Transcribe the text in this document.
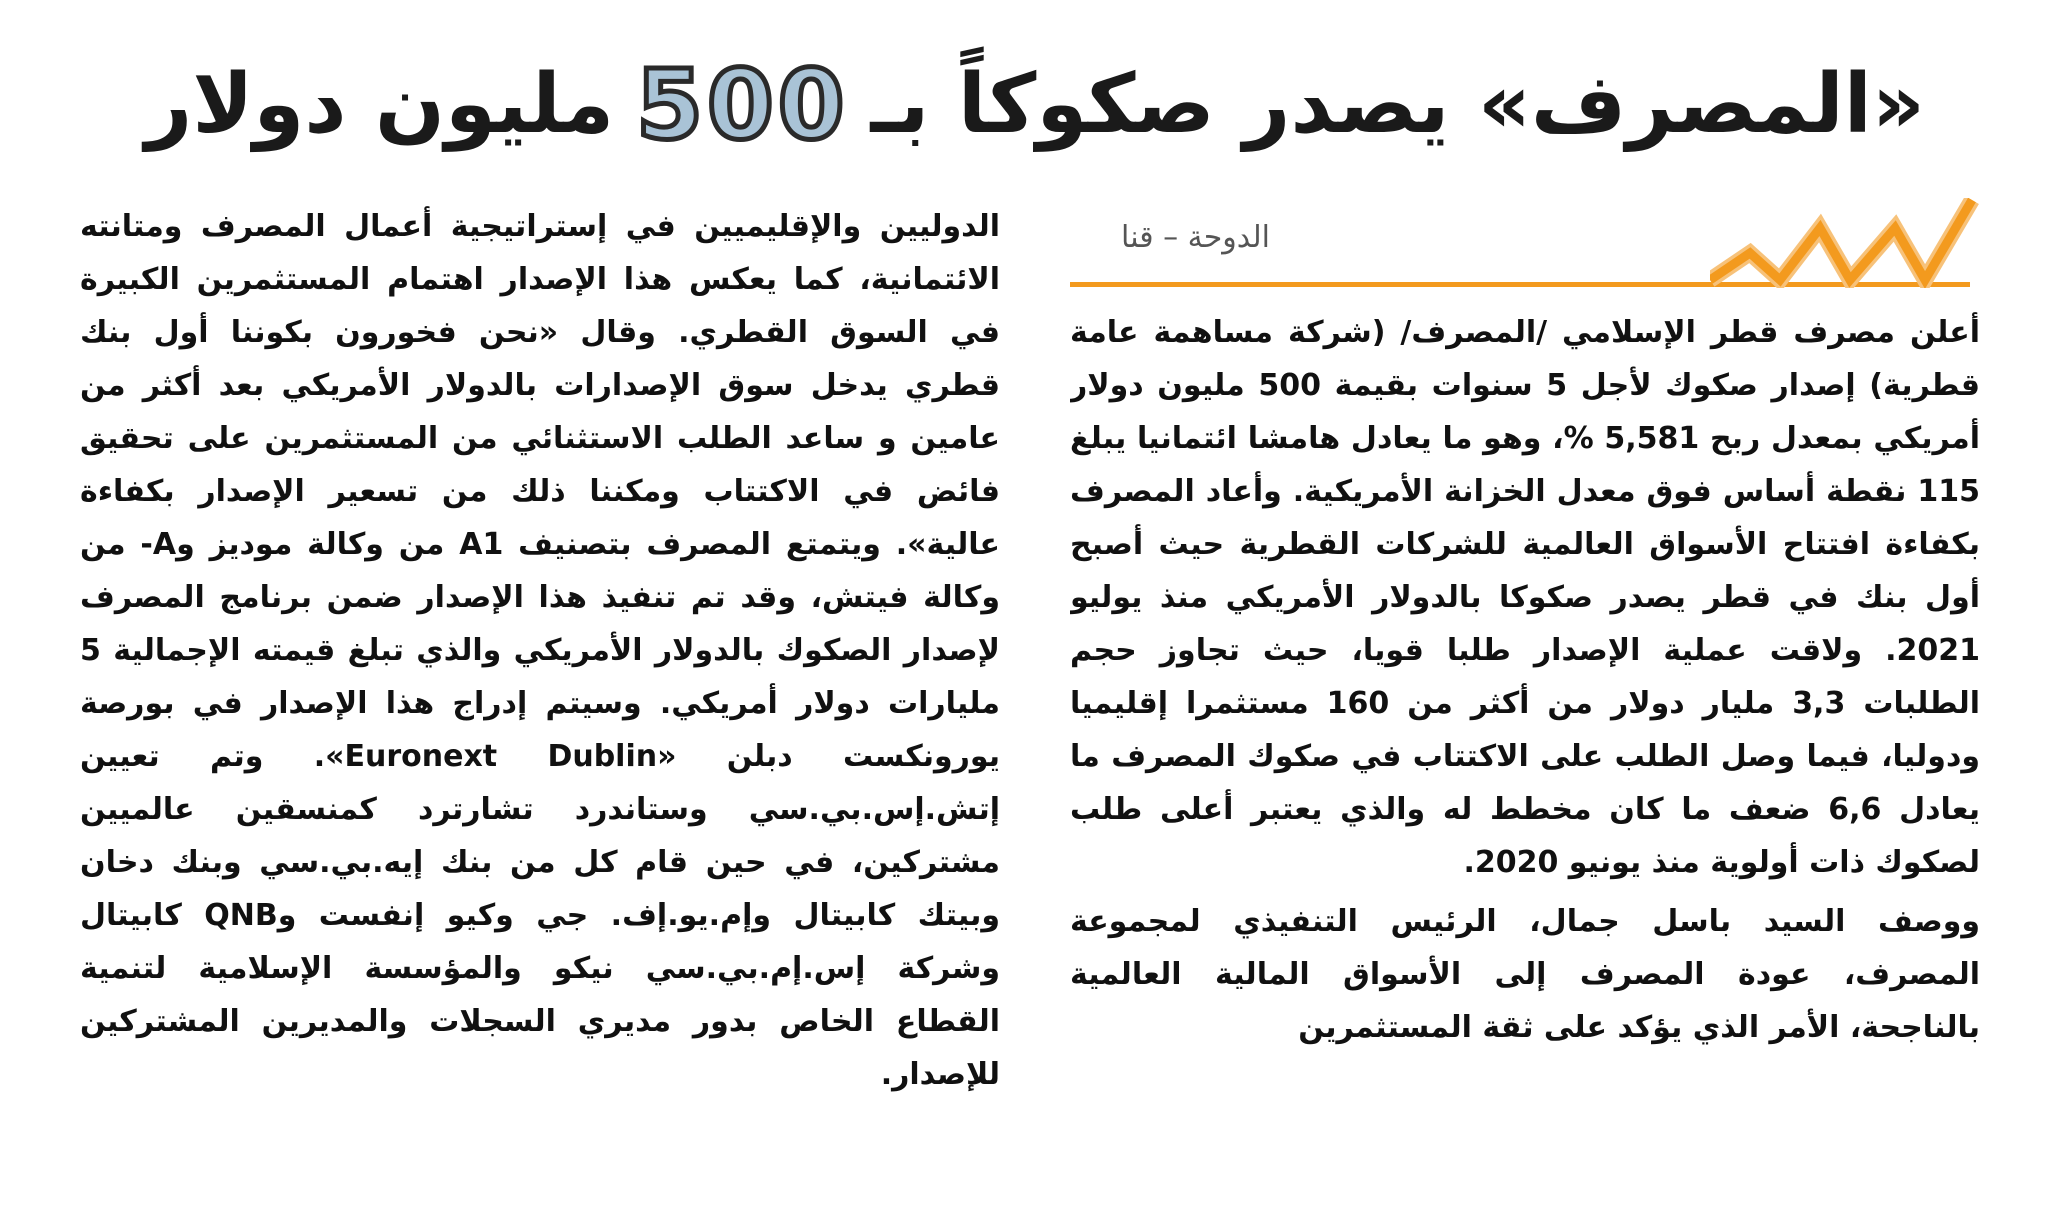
«المصرف» يصدر صكوكاً بـ
500
مليون دولار
الدوحة – قنا

أعلن مصرف قطر الإسلامي /المصرف/ (شركة مساهمة عامة قطرية) إصدار صكوك لأجل 5 سنوات بقيمة 500 مليون دولار أمريكي بمعدل ربح 5,581 %، وهو ما يعادل هامشا ائتمانيا يبلغ 115 نقطة أساس فوق معدل الخزانة الأمريكية. وأعاد المصرف بكفاءة افتتاح الأسواق العالمية للشركات القطرية حيث أصبح أول بنك في قطر يصدر صكوكا بالدولار الأمريكي منذ يوليو 2021. ولاقت عملية الإصدار طلبا قويا، حيث تجاوز حجم الطلبات 3,3 مليار دولار من أكثر من 160 مستثمرا إقليميا ودوليا، فيما وصل الطلب على الاكتتاب في صكوك المصرف ما يعادل 6,6 ضعف ما كان مخطط له والذي يعتبر أعلى طلب لصكوك ذات أولوية منذ يونيو 2020.

ووصف السيد باسل جمال، الرئيس التنفيذي لمجموعة المصرف، عودة المصرف إلى الأسواق المالية العالمية بالناجحة، الأمر الذي يؤكد على ثقة المستثمرين

الدوليين والإقليميين في إستراتيجية أعمال المصرف ومتانته الائتمانية، كما يعكس هذا الإصدار اهتمام المستثمرين الكبيرة في السوق القطري. وقال «نحن فخورون بكوننا أول بنك قطري يدخل سوق الإصدارات بالدولار الأمريكي بعد أكثر من عامين و ساعد الطلب الاستثنائي من المستثمرين على تحقيق فائض في الاكتتاب ومكننا ذلك من تسعير الإصدار بكفاءة عالية». ويتمتع المصرف بتصنيف A1 من وكالة موديز وA- من وكالة فيتش، وقد تم تنفيذ هذا الإصدار ضمن برنامج المصرف لإصدار الصكوك بالدولار الأمريكي والذي تبلغ قيمته الإجمالية 5 مليارات دولار أمريكي. وسيتم إدراج هذا الإصدار في بورصة يورونكست دبلن «Euronext Dublin». وتم تعيين إتش.إس.بي.سي وستاندرد تشارترد كمنسقين عالميين مشتركين، في حين قام كل من بنك إيه.بي.سي وبنك دخان وبيتك كابيتال وإم.يو.إف. جي وكيو إنفست وQNB كابيتال وشركة إس.إم.بي.سي نيكو والمؤسسة الإسلامية لتنمية القطاع الخاص بدور مديري السجلات والمديرين المشتركين للإصدار.
